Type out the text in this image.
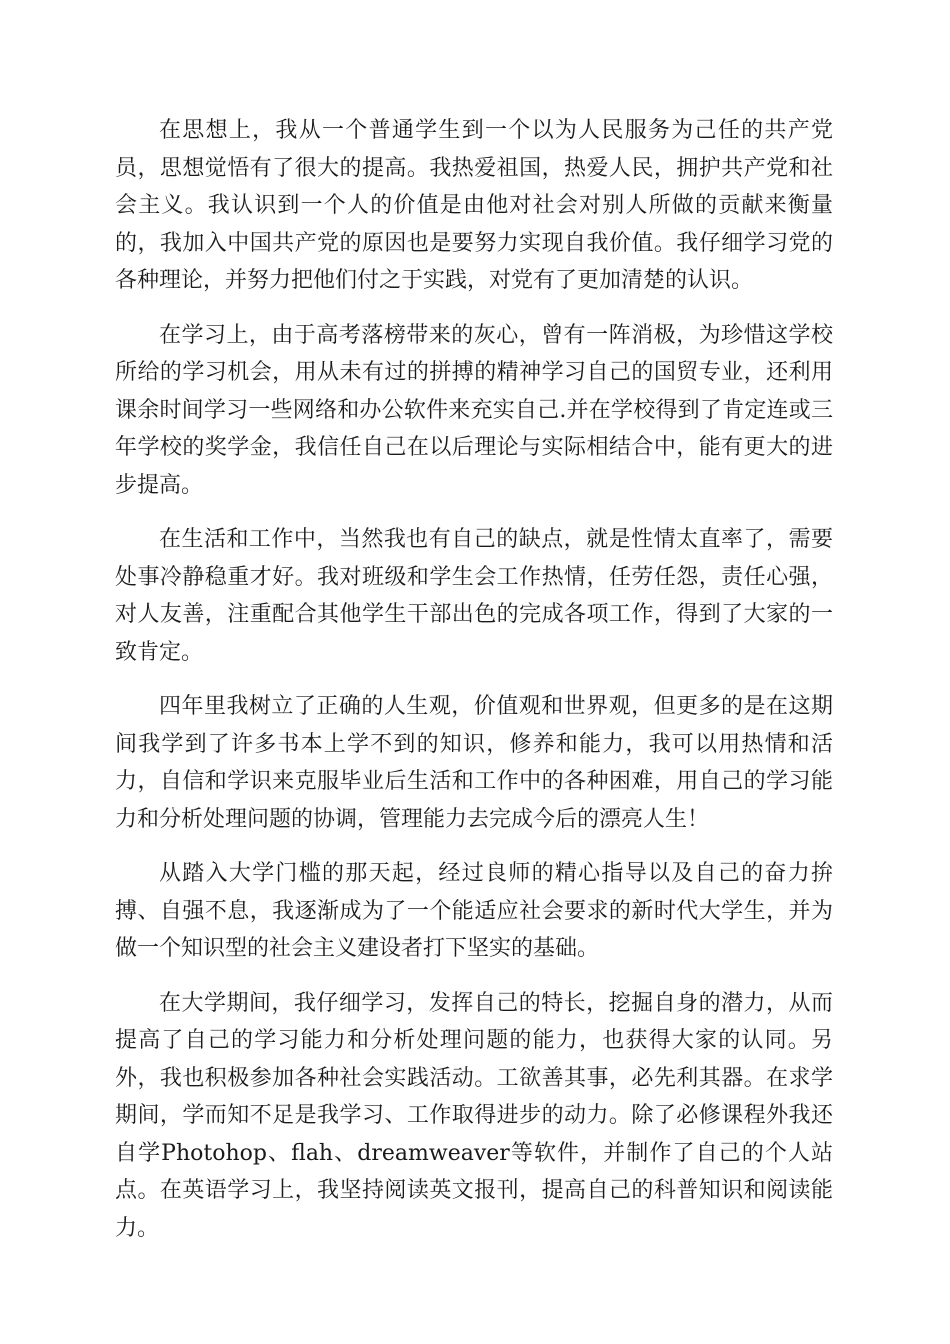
在思想上，我从一个普通学生到一个以为人民服务为己任的共产党员，思想觉悟有了很大的提高。我热爱祖国，热爱人民，拥护共产党和社会主义。我认识到一个人的价值是由他对社会对别人所做的贡献来衡量的，我加入中国共产党的原因也是要努力实现自我价值。我仔细学习党的各种理论，并努力把他们付之于实践，对党有了更加清楚的认识。

在学习上，由于高考落榜带来的灰心，曾有一阵消极，为珍惜这学校所给的学习机会，用从未有过的拼搏的精神学习自己的国贸专业，还利用课余时间学习一些网络和办公软件来充实自己.并在学校得到了肯定连或三年学校的奖学金，我信任自己在以后理论与实际相结合中，能有更大的进步提高。

在生活和工作中，当然我也有自己的缺点，就是性情太直率了，需要处事冷静稳重才好。我对班级和学生会工作热情，任劳任怨，责任心强，对人友善，注重配合其他学生干部出色的完成各项工作，得到了大家的一致肯定。

四年里我树立了正确的人生观，价值观和世界观，但更多的是在这期间我学到了许多书本上学不到的知识，修养和能力，我可以用热情和活力，自信和学识来克服毕业后生活和工作中的各种困难，用自己的学习能力和分析处理问题的协调，管理能力去完成今后的漂亮人生！

从踏入大学门槛的那天起，经过良师的精心指导以及自己的奋力拚搏、自强不息，我逐渐成为了一个能适应社会要求的新时代大学生，并为做一个知识型的社会主义建设者打下坚实的基础。

在大学期间，我仔细学习，发挥自己的特长，挖掘自身的潜力，从而提高了自己的学习能力和分析处理问题的能力，也获得大家的认同。另外，我也积极参加各种社会实践活动。工欲善其事，必先利其器。在求学期间，学而知不足是我学习、工作取得进步的动力。除了必修课程外我还自学Photohop、flah、dreamweaver等软件，并制作了自己的个人站点。在英语学习上，我坚持阅读英文报刊，提高自己的科普知识和阅读能力。
